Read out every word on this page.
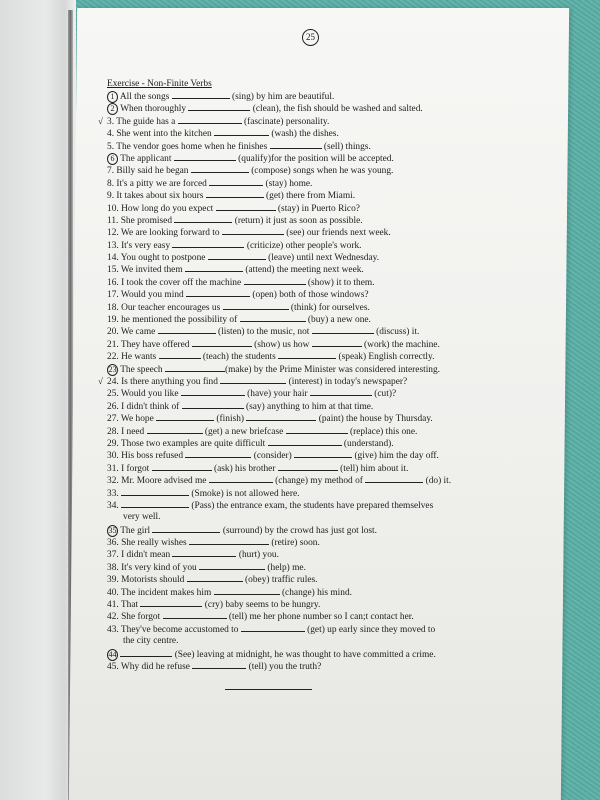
25
Exercise - Non-Finite Verbs
1 All the songs	(sing) by him are beautiful.
2 When thoroughly	(clean), the fish should be washed and salted.
√ 3. The guide has a	(fascinate) personality.
4. She went into the kitchen	(wash) the dishes.
5. The vendor goes home when he finishes	(sell) things.
6 The applicant	(qualify)for the position will be accepted.
7. Billy said he began	(compose) songs when he was young.
8. It's a pitty we are forced	(stay) home.
9. It takes about six hours	(get) there from Miami.
10. How long do you expect	(stay) in Puerto Rico?
11. She promised	(return) it just as soon as possible.
12. We are looking forward to	(see) our friends next week.
13. It's very easy	(criticize) other people's work.
14. You ought to postpone	(leave) until next Wednesday.
15. We invited them	(attend) the meeting next week.
16. I took the cover off the machine	(show) it to them.
17. Would you mind	(open) both of those windows?
18. Our teacher encourages us	(think) for ourselves.
19. he mentioned the possibility of	(buy) a new one.
20. We came	(listen) to the music, not	(discuss) it.
21. They have offered	(show) us how	(work) the machine.
22. He wants	(teach) the students	(speak) English correctly.
23 The speech	(make) by the Prime Minister was considered interesting.
√ 24. Is there anything you find	(interest) in today's newspaper?
25. Would you like	(have) your hair	(cut)?
26. I didn't think of	(say) anything to him at that time.
27. We hope	(finish)	(paint) the house by Thursday.
28. I need	(get) a new briefcase	(replace) this one.
29. Those two examples are quite difficult	(understand).
30. His boss refused	(consider)	(give) him the day off.
31. I forgot	(ask) his brother	(tell) him about it.
32. Mr. Moore advised me	(change) my method of	(do) it.
33.	(Smoke) is not allowed here.
34.	(Pass) the entrance exam, the students have prepared themselves
very well.
35 The girl	(surround) by the crowd has just got lost.
36. She really wishes	(retire) soon.
37. I didn't mean	(hurt) you.
38. It's very kind of you	(help) me.
39. Motorists should	(obey) traffic rules.
40. The incident makes him	(change) his mind.
41. That	(cry) baby seems to be hungry.
42. She forgot	(tell) me her phone number so I can;t contact her.
43. They've become accustomed to	(get) up early since they moved to
the city centre.
44	(See) leaving at midnight, he was thought to have committed a crime.
45. Why did he refuse	(tell) you the truth?
